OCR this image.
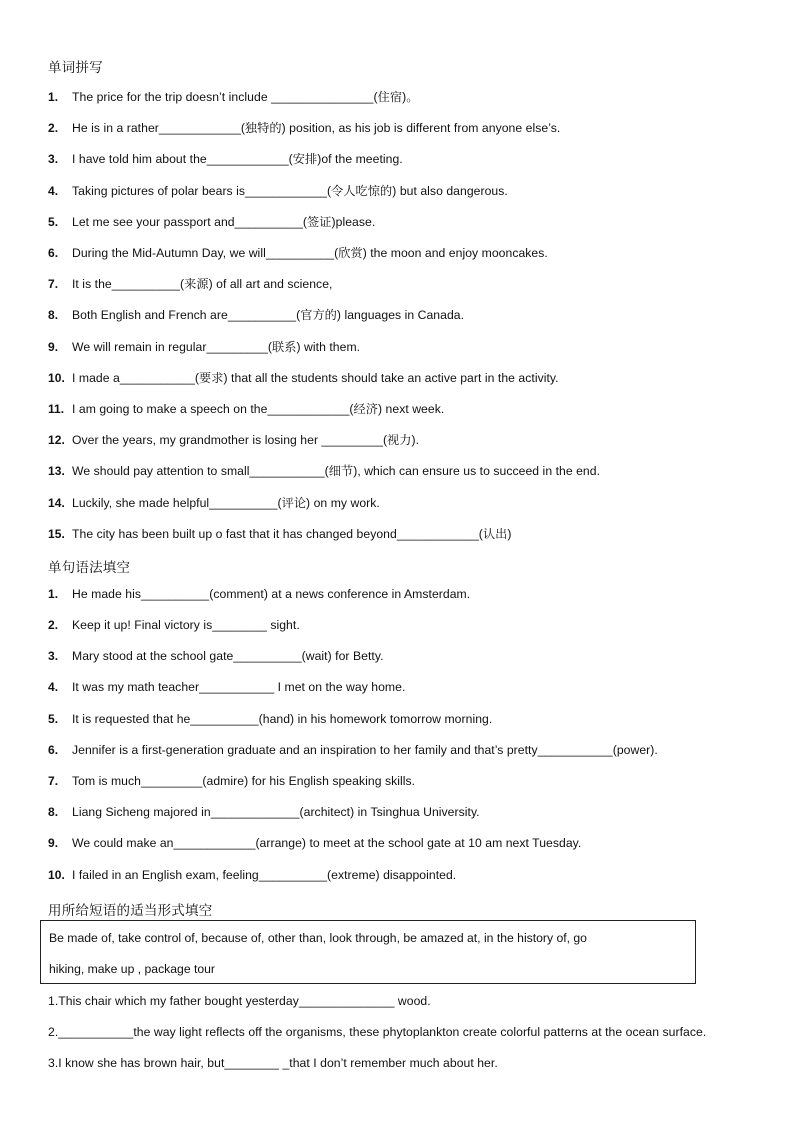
单词拼写
1. The price for the trip doesn’t include _______________(住宿)。
2. He is in a rather____________(独特的) position, as his job is different from anyone else’s.
3. I have told him about the____________(安排)of the meeting.
4. Taking pictures of polar bears is____________(令人吃惊的) but also dangerous.
5. Let me see your passport and__________(签证)please.
6. During the Mid-Autumn Day, we will__________(欣赏) the moon and enjoy mooncakes.
7. It is the__________(来源) of all art and science,
8. Both English and French are__________(官方的) languages in Canada.
9. We will remain in regular_________(联系) with them.
10. I made a___________(要求) that all the students should take an active part in the activity.
11. I am going to make a speech on the____________(经济) next week.
12. Over the years, my grandmother is losing her _________(视力).
13. We should pay attention to small___________(细节), which can ensure us to succeed in the end.
14. Luckily, she made helpful__________(评论) on my work.
15. The city has been built up o fast that it has changed beyond____________(认出)
单句语法填空
1. He made his__________(comment) at a news conference in Amsterdam.
2. Keep it up! Final victory is________ sight.
3. Mary stood at the school gate__________(wait) for Betty.
4. It was my math teacher___________ I met on the way home.
5. It is requested that he__________(hand) in his homework tomorrow morning.
6. Jennifer is a first-generation graduate and an inspiration to her family and that’s pretty___________(power).
7. Tom is much_________(admire) for his English speaking skills.
8. Liang Sicheng majored in_____________(architect) in Tsinghua University.
9. We could make an____________(arrange) to meet at the school gate at 10 am next Tuesday.
10. I failed in an English exam, feeling__________(extreme) disappointed.
用所给短语的适当形式填空
Be made of, take control of, because of, other than, look through, be amazed at, in the history of, go
hiking, make up , package tour
1.This chair which my father bought yesterday______________ wood.
2.___________the way light reflects off the organisms, these phytoplankton create colorful patterns at the ocean surface.
3.I know she has brown hair, but________ _that I don’t remember much about her.
